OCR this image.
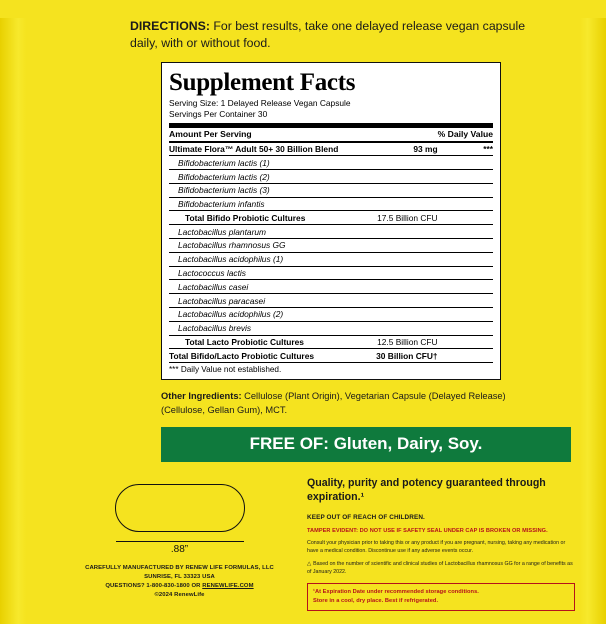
DIRECTIONS: For best results, take one delayed release vegan capsule daily, with or without food.
Supplement Facts
Serving Size: 1 Delayed Release Vegan Capsule
Servings Per Container 30
Amount Per Serving		% Daily Value

Ultimate Flora™ Adult 50+ 30 Billion Blend	93 mg	***
Bifidobacterium lactis (1)		
Bifidobacterium lactis (2)		
Bifidobacterium lactis (3)		
Bifidobacterium infantis		
Total Bifido Probiotic Cultures	17.5 Billion CFU	
Lactobacillus plantarum		
Lactobacillus rhamnosus GG		
Lactobacillus acidophilus (1)		
Lactococcus lactis		
Lactobacillus casei		
Lactobacillus paracasei		
Lactobacillus acidophilus (2)		
Lactobacillus brevis		
Total Lacto Probiotic Cultures	12.5 Billion CFU	
Total Bifido/Lacto Probiotic Cultures	30 Billion CFU†	
*** Daily Value not established.
Other Ingredients: Cellulose (Plant Origin), Vegetarian Capsule (Delayed Release) (Cellulose, Gellan Gum), MCT.
FREE OF: Gluten, Dairy, Soy.
.88”
CAREFULLY MANUFACTURED BY RENEW LIFE FORMULAS, LLC
SUNRISE, FL 33323 USA
QUESTIONS? 1-800-830-1800 OR RENEWLIFE.COM
©2024 RenewLife
Quality, purity and potency guaranteed through expiration.¹
KEEP OUT OF REACH OF CHILDREN.
TAMPER EVIDENT: DO NOT USE IF SAFETY SEAL UNDER CAP IS BROKEN OR MISSING.
Consult your physician prior to taking this or any product if you are pregnant, nursing, taking any medication or have a medical condition. Discontinue use if any adverse events occur.
△ Based on the number of scientific and clinical studies of Lactobacillus rhamnosus GG for a range of benefits as of January 2022.
¹At Expiration Date under recommended storage conditions.
Store in a cool, dry place. Best if refrigerated.
